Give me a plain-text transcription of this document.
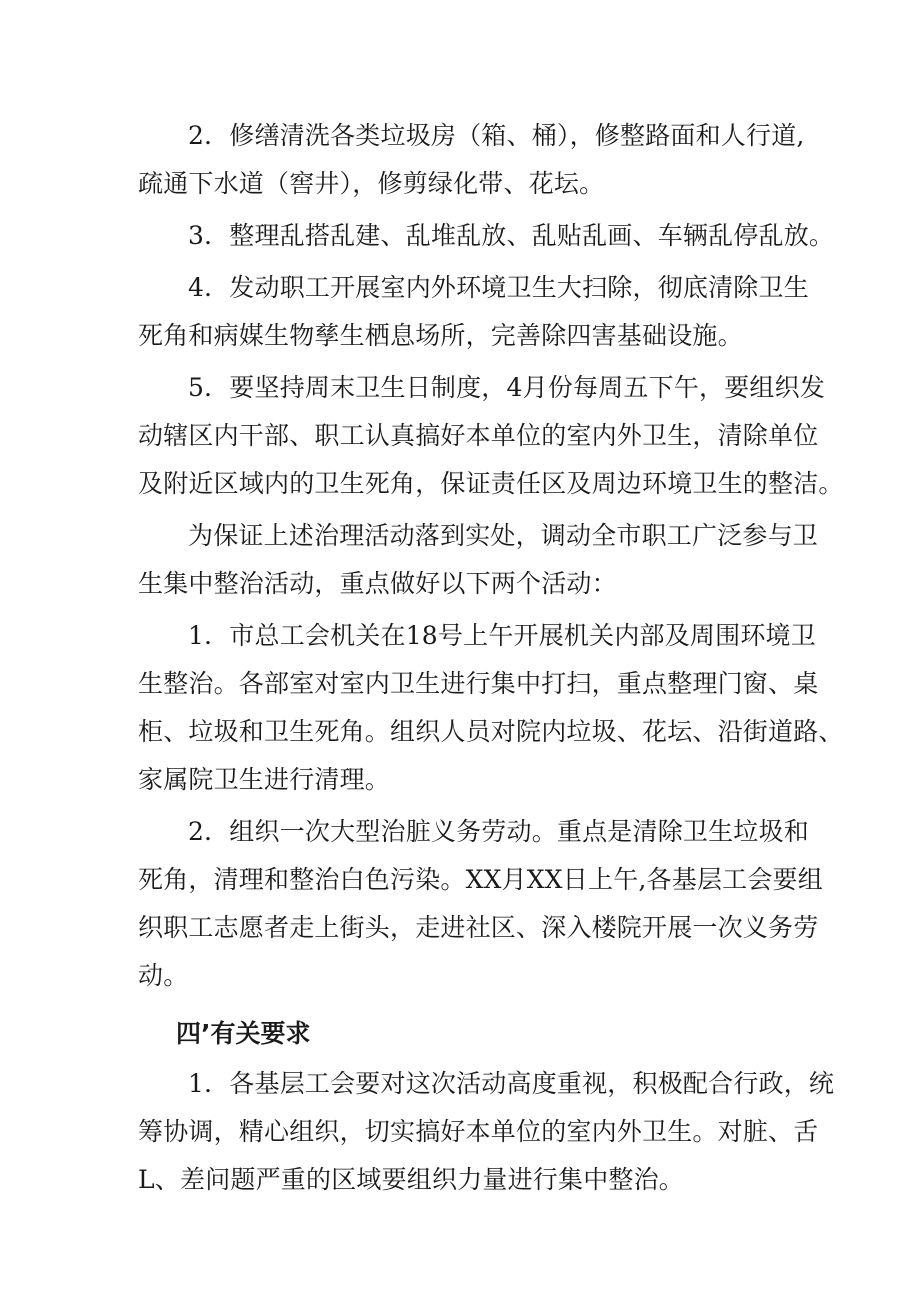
2．修缮清洗各类垃圾房（箱、桶），修整路面和人行道,
疏通下水道（窖井），修剪绿化带、花坛。
3．整理乱搭乱建、乱堆乱放、乱贴乱画、车辆乱停乱放。
4．发动职工开展室内外环境卫生大扫除，彻底清除卫生
死角和病媒生物孳生栖息场所，完善除四害基础设施。
5．要坚持周末卫生日制度，4月份每周五下午，要组织发
动辖区内干部、职工认真搞好本单位的室内外卫生，清除单位
及附近区域内的卫生死角，保证责任区及周边环境卫生的整洁。
为保证上述治理活动落到实处，调动全市职工广泛参与卫
生集中整治活动，重点做好以下两个活动：
1．市总工会机关在18号上午开展机关内部及周围环境卫
生整治。各部室对室内卫生进行集中打扫，重点整理门窗、桌
柜、垃圾和卫生死角。组织人员对院内垃圾、花坛、沿街道路、
家属院卫生进行清理。
2．组织一次大型治脏义务劳动。重点是清除卫生垃圾和
死角，清理和整治白色污染。XX月XX日上午,各基层工会要组
织职工志愿者走上街头，走进社区、深入楼院开展一次义务劳
动。
四’有关要求
1．各基层工会要对这次活动高度重视，积极配合行政，统
筹协调，精心组织，切实搞好本单位的室内外卫生。对脏、舌
L、差问题严重的区域要组织力量进行集中整治。
